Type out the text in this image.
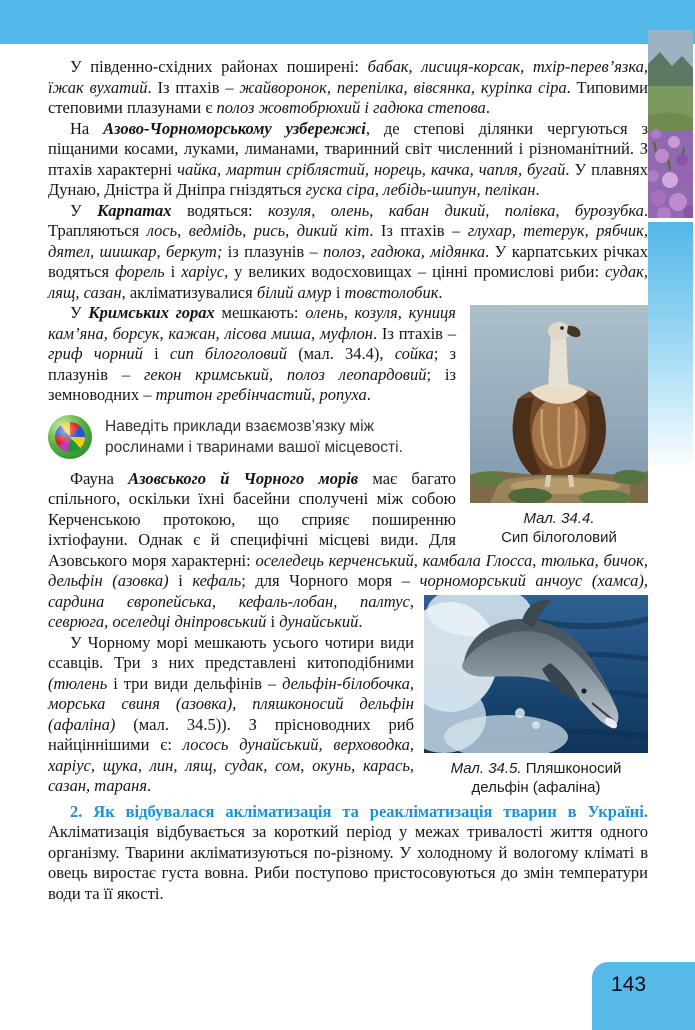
У південно-східних районах поширені: бабак, лисиця-корсак, тхір-перев’язка, їжак вухатий. Із птахів – жайворонок, перепілка, вівсянка, куріпка сіра. Типовими степовими плазунами є полоз жовтобрюхий і гадюка степова.

На Азово-Чорноморському узбережжі, де степові ділянки чергуються з піщаними косами, луками, лиманами, тваринний світ численний і різноманітний. З птахів характерні чайка, мартин сріблястий, норець, качка, чапля, бугай. У плавнях Дунаю, Дністра й Дніпра гніздяться гуска сіра, лебідь-шипун, пелікан.

У Карпатах водяться: козуля, олень, кабан дикий, полівка, бурозубка. Трапляються лось, ведмідь, рись, дикий кіт. Із птахів – глухар, тетерук, рябчик, дятел, шишкар, беркут; із плазунів – полоз, гадюка, мідянка. У карпатських річках водяться форель і харіус, у великих водосховищах – цінні промислові риби: судак, лящ, сазан, акліматизувалися білий амур і товстолобик.

Мал. 34.4.
Сип білоголовий

У Кримських горах мешкають: олень, козуля, куниця кам’яна, борсук, кажан, лісова миша, муфлон. Із птахів – гриф чорний і сип білоголовий (мал. 34.4), сойка; з плазунів – гекон кримський, полоз леопардовий; із земноводних – тритон гребінчастий, ропуха.

Наведіть приклади взаємозв’язку між рослинами і тваринами вашої місцевості.

Фауна Азовського й Чорного морів має багато спільного, оскільки їхні басейни сполучені між собою Керченською протокою, що сприяє поширенню іхтіофауни. Однак є й специфічні місцеві види. Для Азовського моря характерні: оселедець керченський, камбала Глосса, тюлька, бичок, дельфін (азовка) і кефаль; для Чорного моря – чорноморський анчоус (хамса),
Мал. 34.5. Пляшконосий дельфін (афаліна)
сардина європейська, кефаль-лобан, палтус, севрюга, оселедці дніпровський і дунайський.

У Чорному морі мешкають усього чотири види ссавців. Три з них представлені китоподібними (тюлень і три види дельфінів – дельфін-білобочка, морська свиня (азовка), пляшконосий дельфін (афаліна) (мал. 34.5)). З прісноводних риб найціннішими є: лосось дунайський, верховодка, харіус, щука, лин, лящ, судак, сом, окунь, карась, сазан, тараня.

2. Як відбувалася акліматизація та реакліматизація тварин в Україні. Акліматизація відбувається за короткий період у межах тривалості життя одного організму. Тварини акліматизуються по-різному. У холодному й вологому кліматі в овець виростає густа вовна. Риби поступово пристосовуються до змін температури води та її якості.

143
